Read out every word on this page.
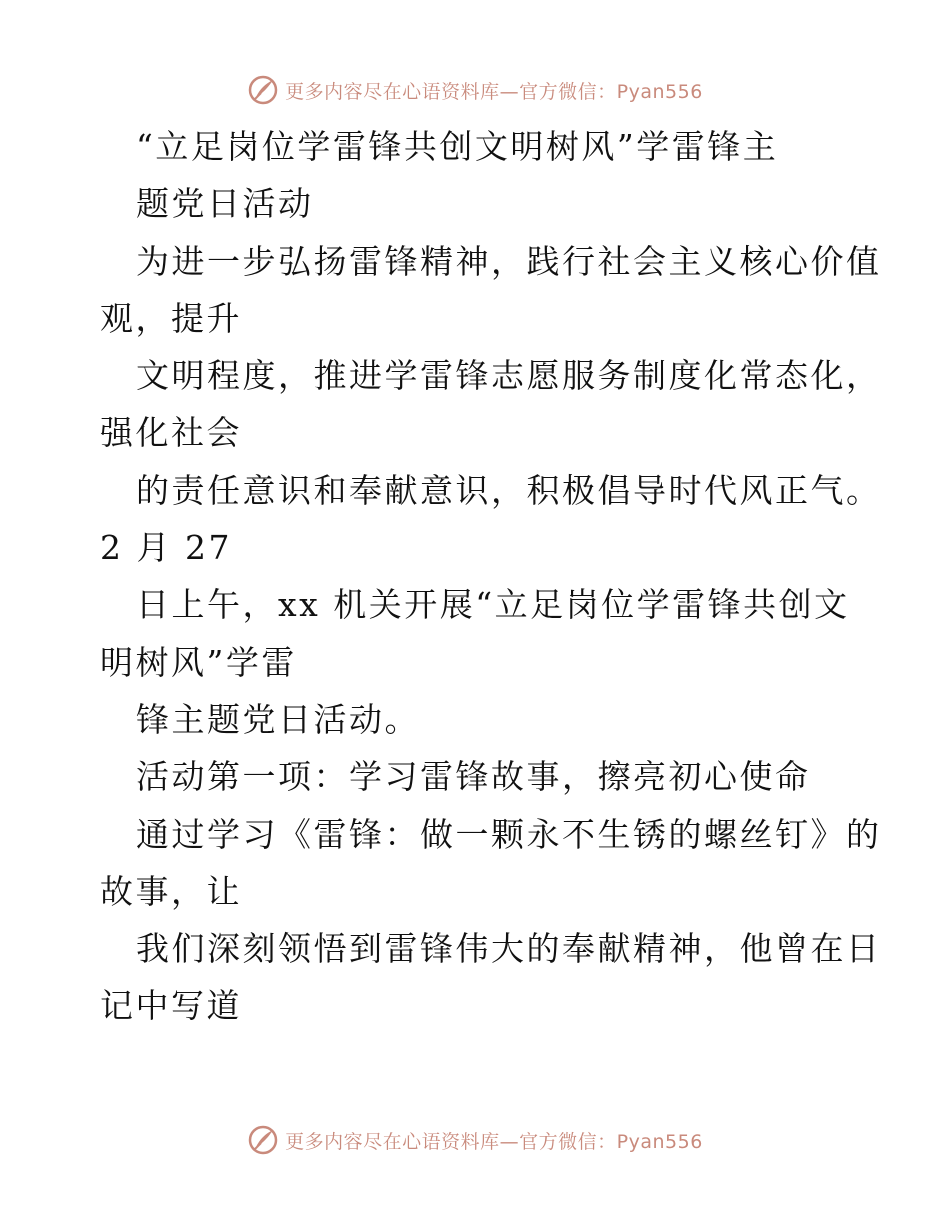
更多内容尽在心语资料库—官方微信：Pyan556
“立足岗位学雷锋共创文明树风”学雷锋主
题党日活动
为进一步弘扬雷锋精神，践行社会主义核心价值
观，提升
文明程度，推进学雷锋志愿服务制度化常态化，
强化社会
的责任意识和奉献意识，积极倡导时代风正气。
2 月 27
日上午，xx 机关开展“立足岗位学雷锋共创文
明树风”学雷
锋主题党日活动。
活动第一项：学习雷锋故事，擦亮初心使命
通过学习《雷锋：做一颗永不生锈的螺丝钉》的
故事，让
我们深刻领悟到雷锋伟大的奉献精神，他曾在日
记中写道
更多内容尽在心语资料库—官方微信：Pyan556
